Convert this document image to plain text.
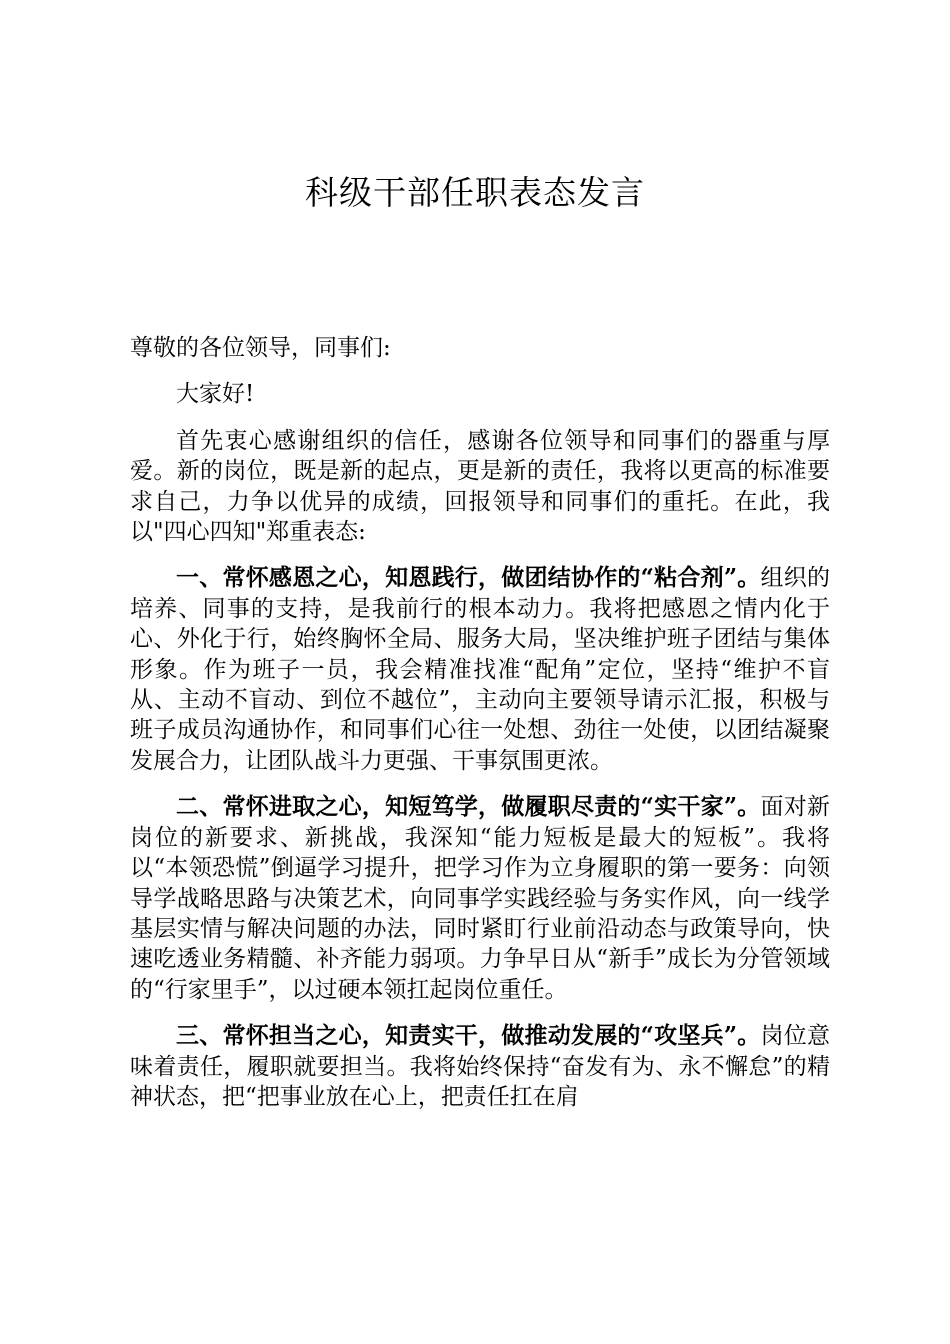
科级干部任职表态发言

尊敬的各位领导，同事们:

大家好!

首先衷心感谢组织的信任，感谢各位领导和同事们的器重与厚爱。新的岗位，既是新的起点，更是新的责任，我将以更高的标准要求自己，力争以优异的成绩，回报领导和同事们的重托。在此，我以"四心四知"郑重表态:

一、常怀感恩之心，知恩践行，做团结协作的“粘合剂”。组织的培养、同事的支持，是我前行的根本动力。我将把感恩之情内化于心、外化于行，始终胸怀全局、服务大局，坚决维护班子团结与集体形象。作为班子一员，我会精准找准“配角”定位，坚持“维护不盲从、主动不盲动、到位不越位”，主动向主要领导请示汇报，积极与班子成员沟通协作，和同事们心往一处想、劲往一处使，以团结凝聚发展合力，让团队战斗力更强、干事氛围更浓。

二、常怀进取之心，知短笃学，做履职尽责的“实干家”。面对新岗位的新要求、新挑战，我深知“能力短板是最大的短板”。我将以“本领恐慌”倒逼学习提升，把学习作为立身履职的第一要务：向领导学战略思路与决策艺术，向同事学实践经验与务实作风，向一线学基层实情与解决问题的办法，同时紧盯行业前沿动态与政策导向，快速吃透业务精髓、补齐能力弱项。力争早日从“新手”成长为分管领域的“行家里手”，以过硬本领扛起岗位重任。

三、常怀担当之心，知责实干，做推动发展的“攻坚兵”。岗位意味着责任，履职就要担当。我将始终保持“奋发有为、永不懈怠”的精神状态，把“把事业放在心上，把责任扛在肩
